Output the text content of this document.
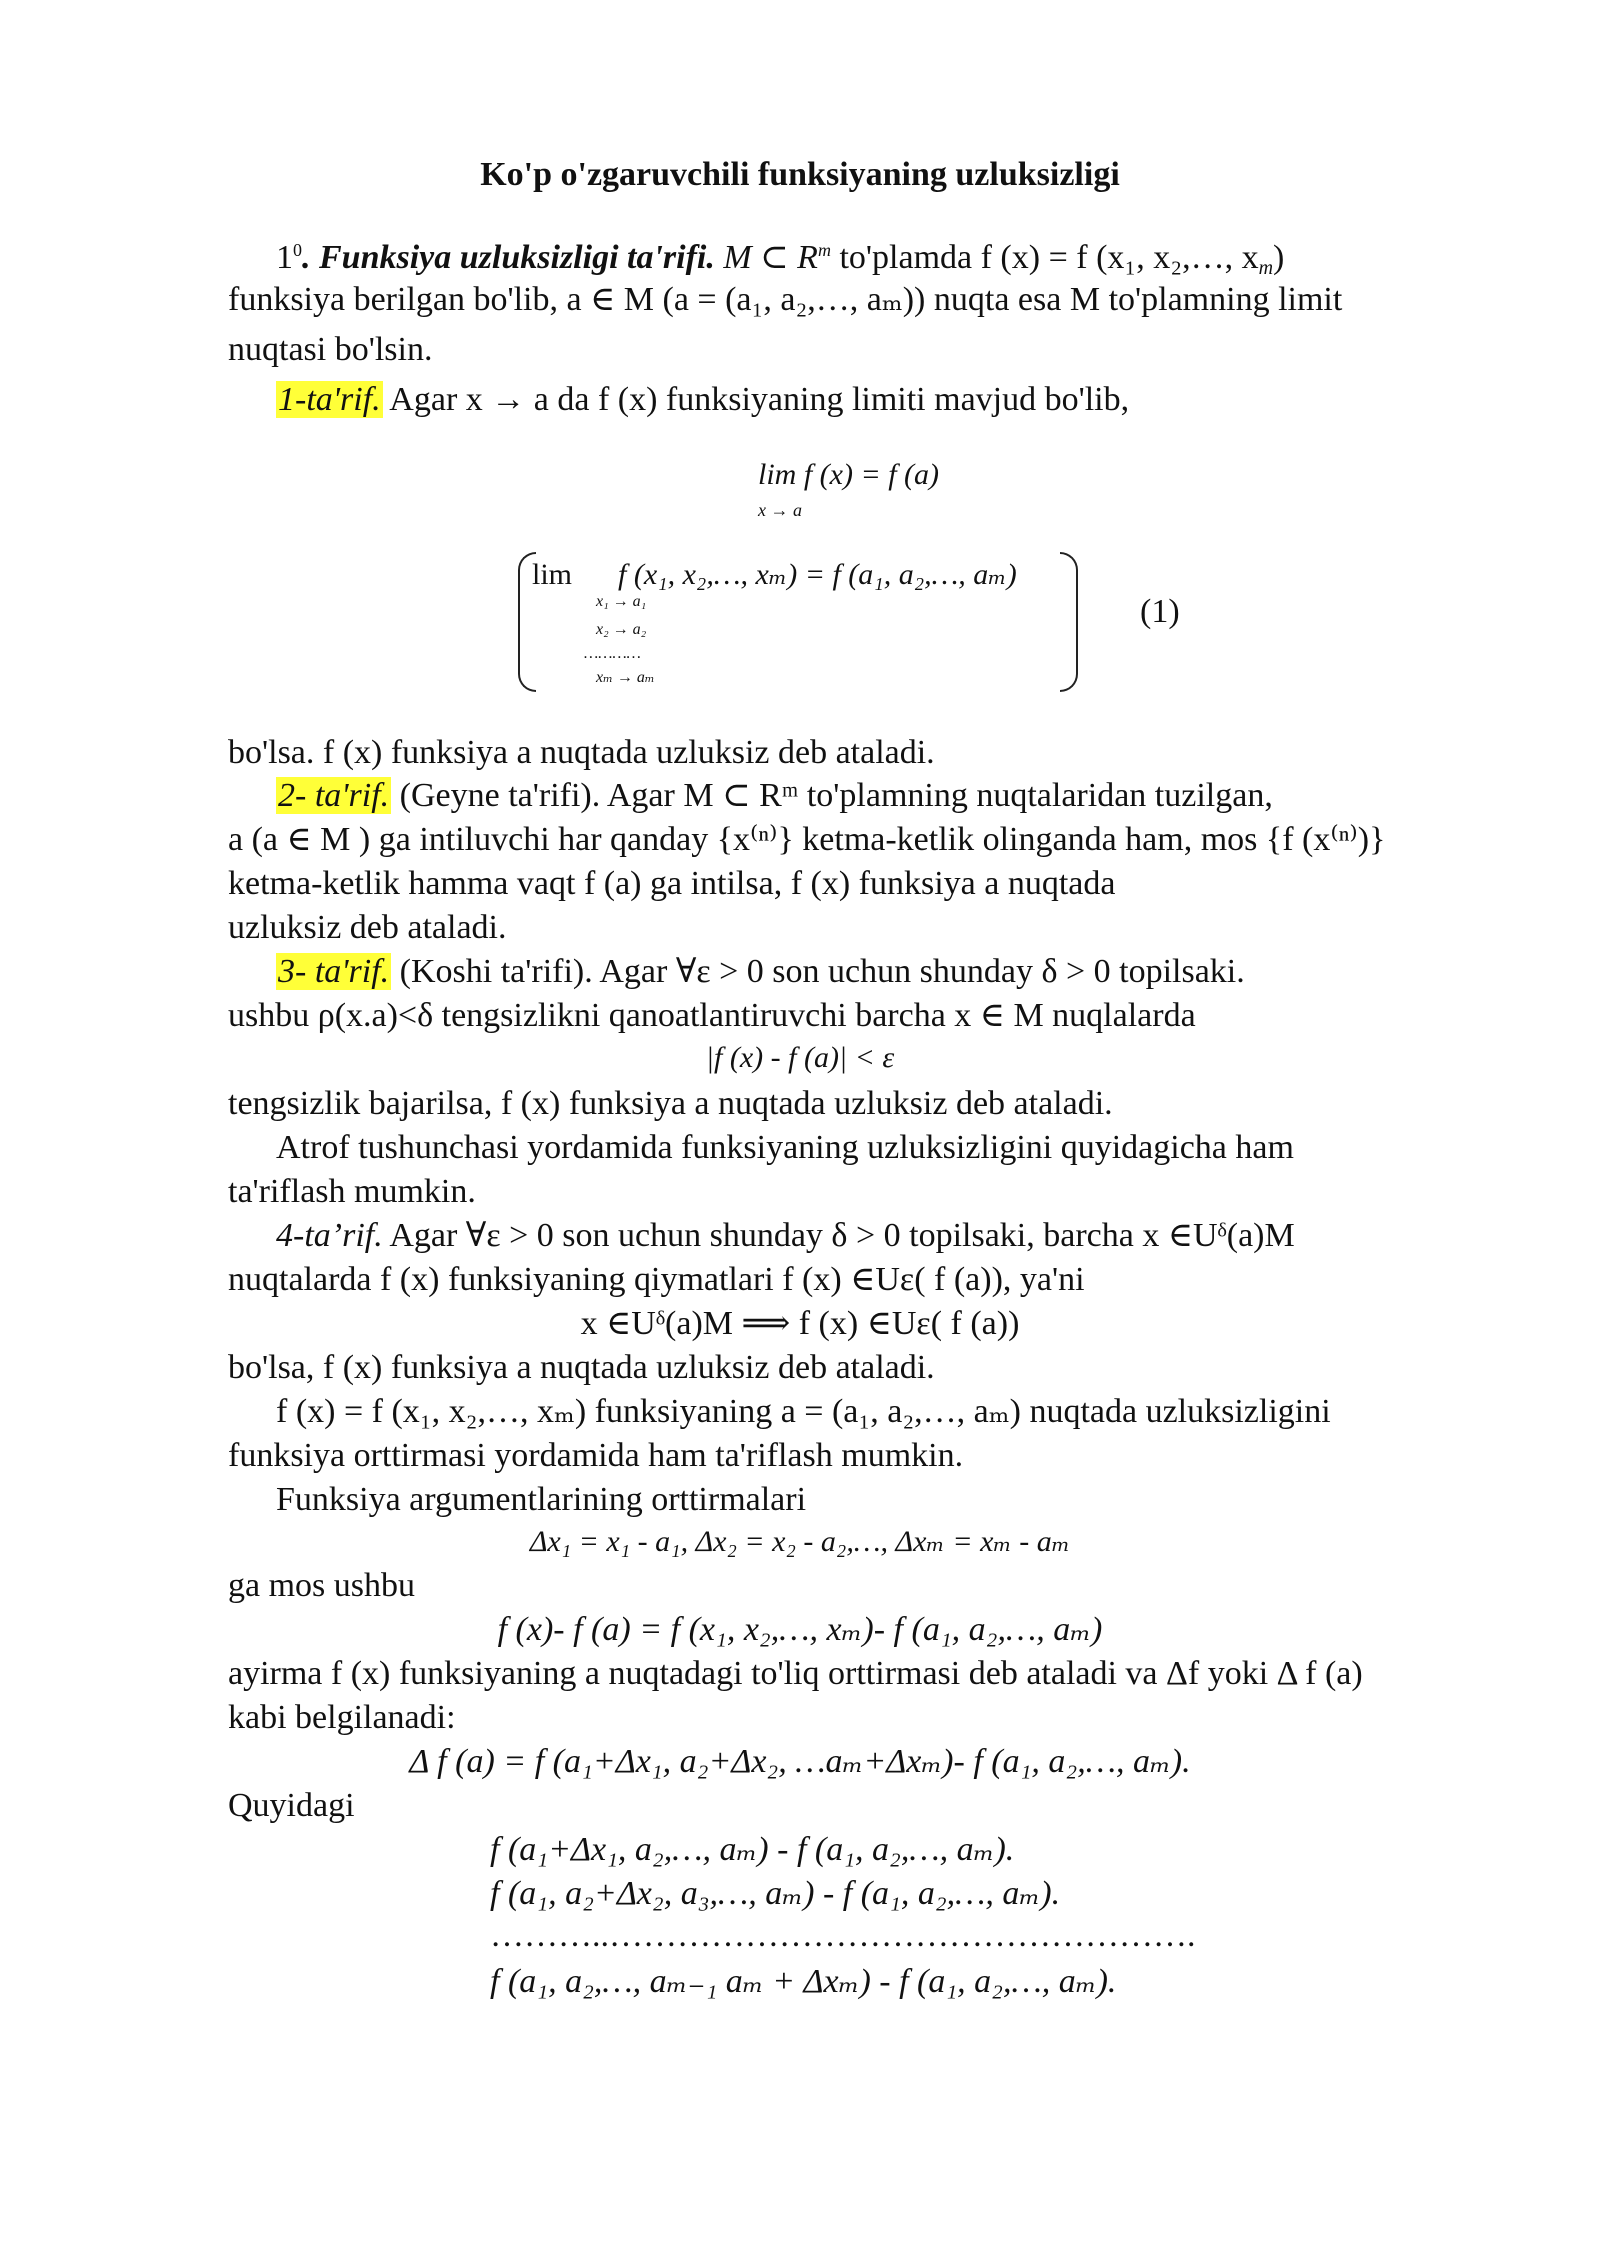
Ko'p o'zgaruvchili funksiyaning uzluksizligi
$1^0$. Funksiya uzluksizligi ta'rifi. M ⊂ $R^m$ to'plamda f (x) = f (x₁, x₂,…, $x_m$)
funksiya berilgan bo'lib, a ∈ M (a = (a₁, a₂,…, aₘ)) nuqta esa M to'plamning limit
nuqtasi bo'lsin.
1-ta'rif. Agar x → a da f (x) funksiyaning limiti mavjud bo'lib,
lim f (x) = f (a)
x → a
lim f (x₁, x₂,…, xₘ) = f (a₁, a₂,…, aₘ)
x₁ → a₁
x₂ → a₂
…………
xₘ → aₘ
(1)
bo'lsa. f (x) funksiya a nuqtada uzluksiz deb ataladi.
2- ta'rif. (Geyne ta'rifi). Agar M ⊂ Rᵐ to'plamning nuqtalaridan tuzilgan,
a (a ∈ M ) ga intiluvchi har qanday {x⁽ⁿ⁾} ketma-ketlik olinganda ham, mos {f (x⁽ⁿ⁾)}
ketma-ketlik hamma vaqt f (a) ga intilsa, f (x) funksiya a nuqtada
uzluksiz deb ataladi.
3- ta'rif. (Koshi ta'rifi). Agar ∀ε > 0 son uchun shunday δ > 0 topilsaki.
ushbu ρ(x.a)<δ tengsizlikni qanoatlantiruvchi barcha x ∈ M nuqlalarda
|f (x) - f (a)| < ε
tengsizlik bajarilsa, f (x) funksiya a nuqtada uzluksiz deb ataladi.
Atrof tushunchasi yordamida funksiyaning uzluksizligini quyidagicha ham
ta'riflash mumkin.
4-ta’rif. Agar ∀ε > 0 son uchun shunday δ > 0 topilsaki, barcha x ∈Uᵟ(a)M
nuqtalarda f (x) funksiyaning qiymatlari f (x) ∈Uε( f (a)), ya'ni
x ∈Uᵟ(a)M ⟹ f (x) ∈Uε( f (a))
bo'lsa, f (x) funksiya a nuqtada uzluksiz deb ataladi.
f (x) = f (x₁, x₂,…, xₘ) funksiyaning a = (a₁, a₂,…, aₘ) nuqtada uzluksizligini
funksiya orttirmasi yordamida ham ta'riflash mumkin.
Funksiya argumentlarining orttirmalari
Δx₁ = x₁ - a₁, Δx₂ = x₂ - a₂,…, Δxₘ = xₘ - aₘ
ga mos ushbu
f (x)- f (a) = f (x₁, x₂,…, xₘ)- f (a₁, a₂,…, aₘ)
ayirma f (x) funksiyaning a nuqtadagi to'liq orttirmasi deb ataladi va Δf yoki Δ f (a)
kabi belgilanadi:
Δ f (a) = f (a₁+Δx₁, a₂+Δx₂, …aₘ+Δxₘ)- f (a₁, a₂,…, aₘ).
Quyidagi
f (a₁+Δx₁, a₂,…, aₘ) - f (a₁, a₂,…, aₘ).
f (a₁, a₂+Δx₂, a₃,…, aₘ) - f (a₁, a₂,…, aₘ).
………..…………………………………………….
f (a₁, a₂,…, aₘ₋₁ aₘ + Δxₘ) - f (a₁, a₂,…, aₘ).
